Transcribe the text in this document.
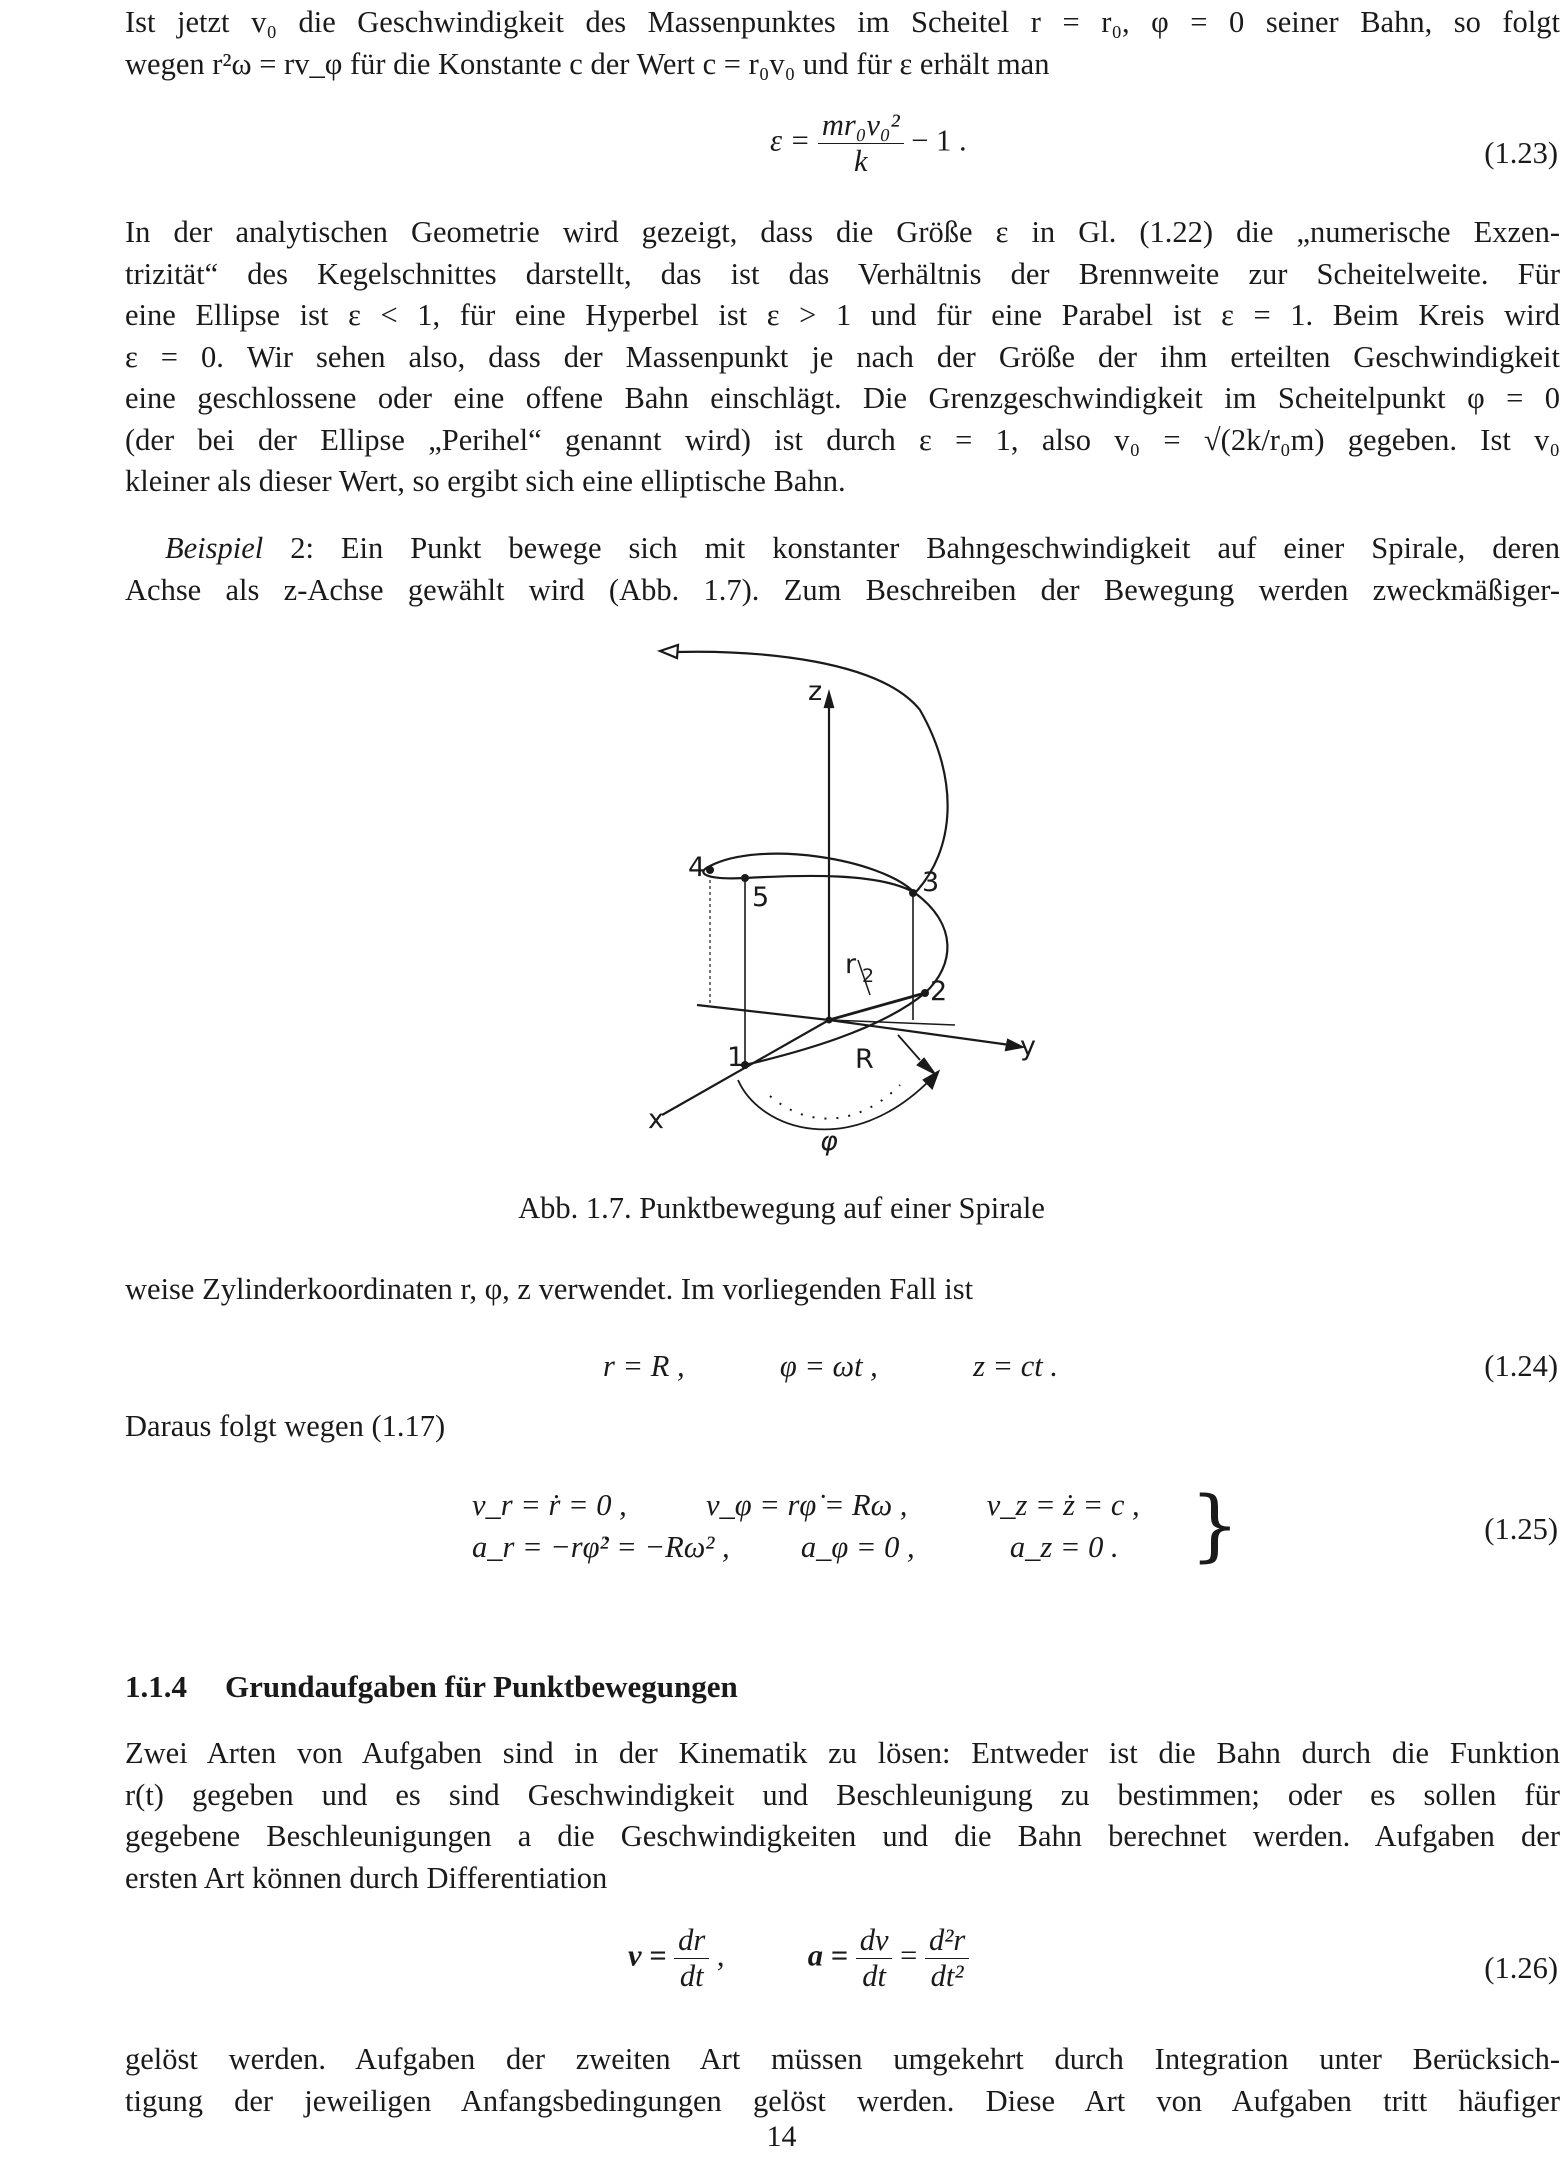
Ist jetzt v₀ die Geschwindigkeit des Massenpunktes im Scheitel r = r₀, φ = 0 seiner Bahn, so folgt
wegen r²ω = rv_φ für die Konstante c der Wert c = r₀v₀ und für ε erhält man
$\varepsilon = \frac{\text{mr₀v₀²}}{k} - 1$ .	(1.23)
In der analytischen Geometrie wird gezeigt, dass die Größe ε in Gl. (1.22) die „numerische Exzen-
trizität“ des Kegelschnittes darstellt, das ist das Verhältnis der Brennweite zur Scheitelweite. Für
eine Ellipse ist ε < 1, für eine Hyperbel ist ε > 1 und für eine Parabel ist ε = 1. Beim Kreis wird
ε = 0. Wir sehen also, dass der Massenpunkt je nach der Größe der ihm erteilten Geschwindigkeit
eine geschlossene oder eine offene Bahn einschlägt. Die Grenzgeschwindigkeit im Scheitelpunkt φ = 0
(der bei der Ellipse „Perihel“ genannt wird) ist durch ε = 1, also v₀ = √(2k/r₀m) gegeben. Ist v₀
kleiner als dieser Wert, so ergibt sich eine elliptische Bahn.
Beispiel 2: Ein Punkt bewege sich mit konstanter Bahngeschwindigkeit auf einer Spirale, deren
Achse als z-Achse gewählt wird (Abb. 1.7). Zum Beschreiben der Bewegung werden zweckmäßiger-
z
y
x
1
2
3
4
5
r 2
R
φ
Abb. 1.7. Punktbewegung auf einer Spirale
weise Zylinderkoordinaten r, φ, z verwendet. Im vorliegenden Fall ist
r = R ,	φ = ωt ,	z = ct .	(1.24)
Daraus folgt wegen (1.17)
v_r = ṙ = 0 ,	v_φ = rφ̇ = Rω ,	v_z = ż = c ,
a_r = −rφ̇² = −Rω² , a_φ = 0 ,	a_z = 0 . }	(1.25)
1.1.4 Grundaufgaben für Punktbewegungen
Zwei Arten von Aufgaben sind in der Kinematik zu lösen: Entweder ist die Bahn durch die Funktion
r(t) gegeben und es sind Geschwindigkeit und Beschleunigung zu bestimmen; oder es sollen für
gegebene Beschleunigungen a die Geschwindigkeiten und die Bahn berechnet werden. Aufgaben der
ersten Art können durch Differentiation
$v = \frac{dr}{dt}$ ,	$a = \frac{dv}{dt} = \frac{\text{d²r}}{\text{dt²}}$	(1.26)
gelöst werden. Aufgaben der zweiten Art müssen umgekehrt durch Integration unter Berücksich-
tigung der jeweiligen Anfangsbedingungen gelöst werden. Diese Art von Aufgaben tritt häufiger
14
